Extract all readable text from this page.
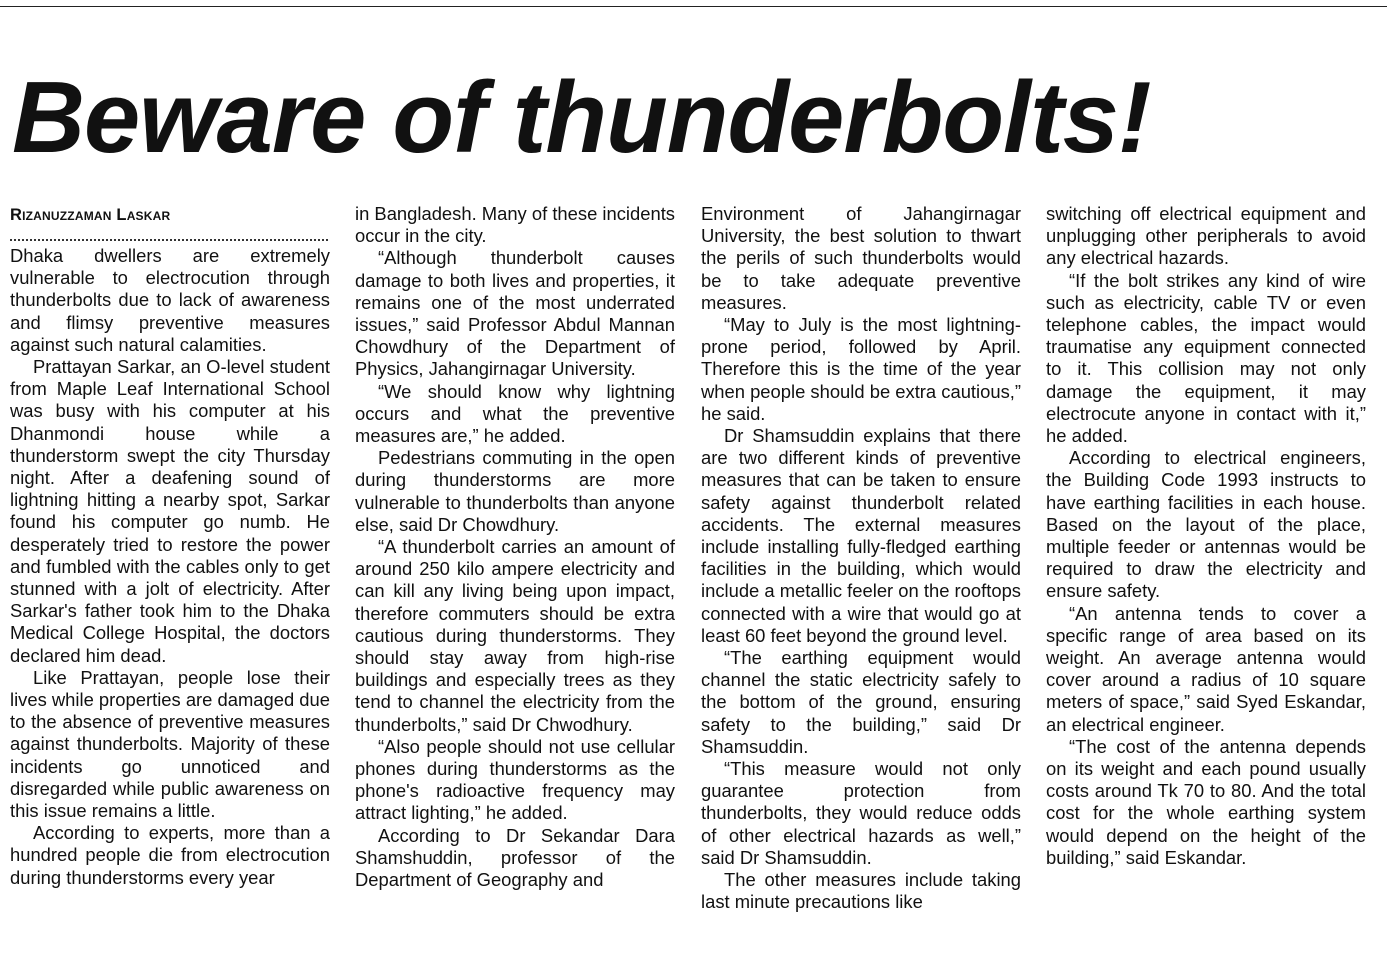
Beware of thunderbolts!
Rizanuzzaman Laskar

Dhaka dwellers are extremely vulnerable to electrocution through thunderbolts due to lack of awareness and flimsy preventive measures against such natural calamities.

Prattayan Sarkar, an O-level student from Maple Leaf International School was busy with his computer at his Dhanmondi house while a thunderstorm swept the city Thursday night. After a deafening sound of lightning hitting a nearby spot, Sarkar found his computer go numb. He desperately tried to restore the power and fumbled with the cables only to get stunned with a jolt of electricity. After Sarkar's father took him to the Dhaka Medical College Hospital, the doctors declared him dead.

Like Prattayan, people lose their lives while properties are damaged due to the absence of preventive measures against thunderbolts. Majority of these incidents go unnoticed and disregarded while public awareness on this issue remains a little.

According to experts, more than a hundred people die from electrocution during thunderstorms every year

in Bangladesh. Many of these incidents occur in the city.

“Although thunderbolt causes damage to both lives and properties, it remains one of the most underrated issues,” said Professor Abdul Mannan Chowdhury of the Department of Physics, Jahangirnagar University.

“We should know why lightning occurs and what the preventive measures are,” he added.

Pedestrians commuting in the open during thunderstorms are more vulnerable to thunderbolts than anyone else, said Dr Chowdhury.

“A thunderbolt carries an amount of around 250 kilo ampere electricity and can kill any living being upon impact, therefore commuters should be extra cautious during thunderstorms. They should stay away from high-rise buildings and especially trees as they tend to channel the electricity from the thunderbolts,” said Dr Chwodhury.

“Also people should not use cellular phones during thunderstorms as the phone's radioactive frequency may attract lighting,” he added.

According to Dr Sekandar Dara Shamshuddin, professor of the Department of Geography and

Environment of Jahangirnagar University, the best solution to thwart the perils of such thunderbolts would be to take adequate preventive measures.

“May to July is the most lightning-prone period, followed by April. Therefore this is the time of the year when people should be extra cautious,” he said.

Dr Shamsuddin explains that there are two different kinds of preventive measures that can be taken to ensure safety against thunderbolt related accidents. The external measures include installing fully-fledged earthing facilities in the building, which would include a metallic feeler on the rooftops connected with a wire that would go at least 60 feet beyond the ground level.

“The earthing equipment would channel the static electricity safely to the bottom of the ground, ensuring safety to the building,” said Dr Shamsuddin.

“This measure would not only guarantee protection from thunderbolts, they would reduce odds of other electrical hazards as well,” said Dr Shamsuddin.

The other measures include taking last minute precautions like

switching off electrical equipment and unplugging other peripherals to avoid any electrical hazards.

“If the bolt strikes any kind of wire such as electricity, cable TV or even telephone cables, the impact would traumatise any equipment connected to it. This collision may not only damage the equipment, it may electrocute anyone in contact with it,” he added.

According to electrical engineers, the Building Code 1993 instructs to have earthing facilities in each house. Based on the layout of the place, multiple feeder or antennas would be required to draw the electricity and ensure safety.

“An antenna tends to cover a specific range of area based on its weight. An average antenna would cover around a radius of 10 square meters of space,” said Syed Eskandar, an electrical engineer.

“The cost of the antenna depends on its weight and each pound usually costs around Tk 70 to 80. And the total cost for the whole earthing system would depend on the height of the building,” said Eskandar.
